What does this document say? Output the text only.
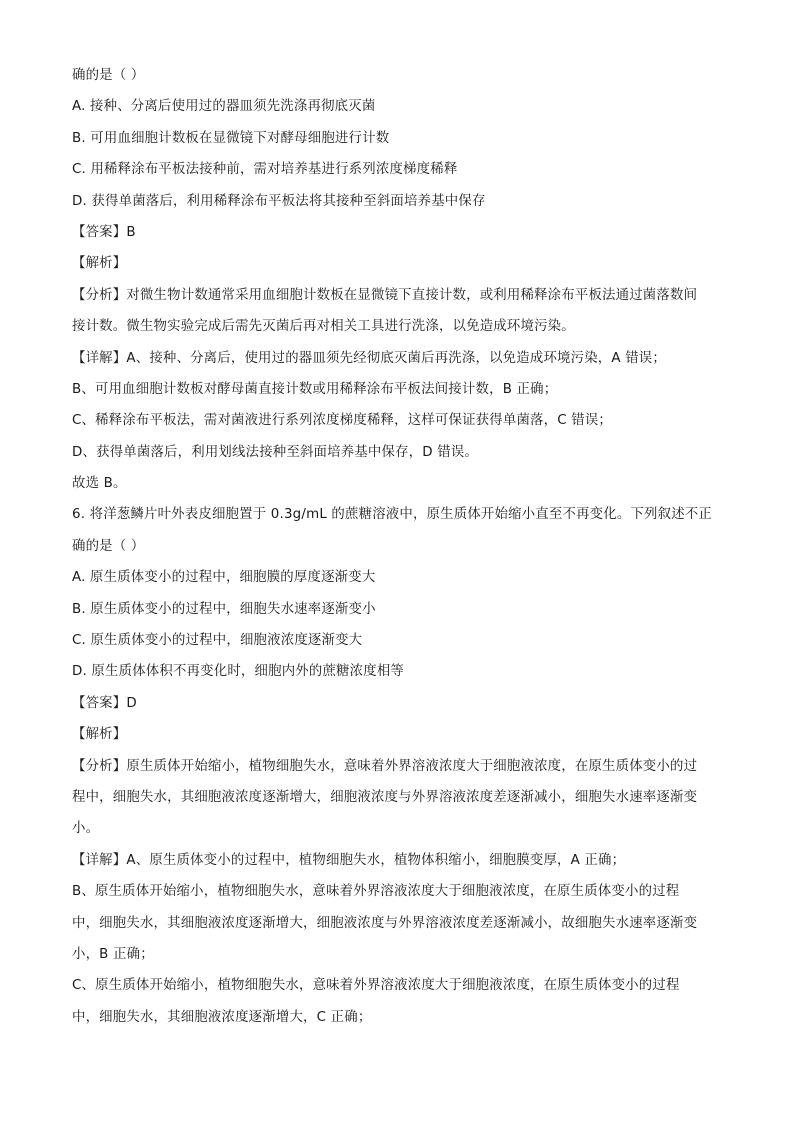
确的是（ ）
A. 接种、分离后使用过的器皿须先洗涤再彻底灭菌
B. 可用血细胞计数板在显微镜下对酵母细胞进行计数
C. 用稀释涂布平板法接种前，需对培养基进行系列浓度梯度稀释
D. 获得单菌落后，利用稀释涂布平板法将其接种至斜面培养基中保存
【答案】B
【解析】
【分析】对微生物计数通常采用血细胞计数板在显微镜下直接计数，或利用稀释涂布平板法通过菌落数间
接计数。微生物实验完成后需先灭菌后再对相关工具进行洗涤，以免造成环境污染。
【详解】A、接种、分离后，使用过的器皿须先经彻底灭菌后再洗涤，以免造成环境污染，A 错误；
B、可用血细胞计数板对酵母菌直接计数或用稀释涂布平板法间接计数，B 正确；
C、稀释涂布平板法，需对菌液进行系列浓度梯度稀释，这样可保证获得单菌落，C 错误；
D、获得单菌落后，利用划线法接种至斜面培养基中保存，D 错误。
故选 B。
6. 将洋葱鳞片叶外表皮细胞置于 0.3g/mL 的蔗糖溶液中，原生质体开始缩小直至不再变化。下列叙述不正
确的是（ ）
A. 原生质体变小的过程中，细胞膜的厚度逐渐变大
B. 原生质体变小的过程中，细胞失水速率逐渐变小
C. 原生质体变小的过程中，细胞液浓度逐渐变大
D. 原生质体体积不再变化时，细胞内外的蔗糖浓度相等
【答案】D
【解析】
【分析】原生质体开始缩小，植物细胞失水，意味着外界溶液浓度大于细胞液浓度，在原生质体变小的过
程中，细胞失水，其细胞液浓度逐渐增大，细胞液浓度与外界溶液浓度差逐渐减小，细胞失水速率逐渐变
小。
【详解】A、原生质体变小的过程中，植物细胞失水，植物体积缩小，细胞膜变厚，A 正确；
B、原生质体开始缩小，植物细胞失水，意味着外界溶液浓度大于细胞液浓度，在原生质体变小的过程
中，细胞失水，其细胞液浓度逐渐增大，细胞液浓度与外界溶液浓度差逐渐减小，故细胞失水速率逐渐变
小，B 正确；
C、原生质体开始缩小，植物细胞失水，意味着外界溶液浓度大于细胞液浓度，在原生质体变小的过程
中，细胞失水，其细胞液浓度逐渐增大，C 正确；
